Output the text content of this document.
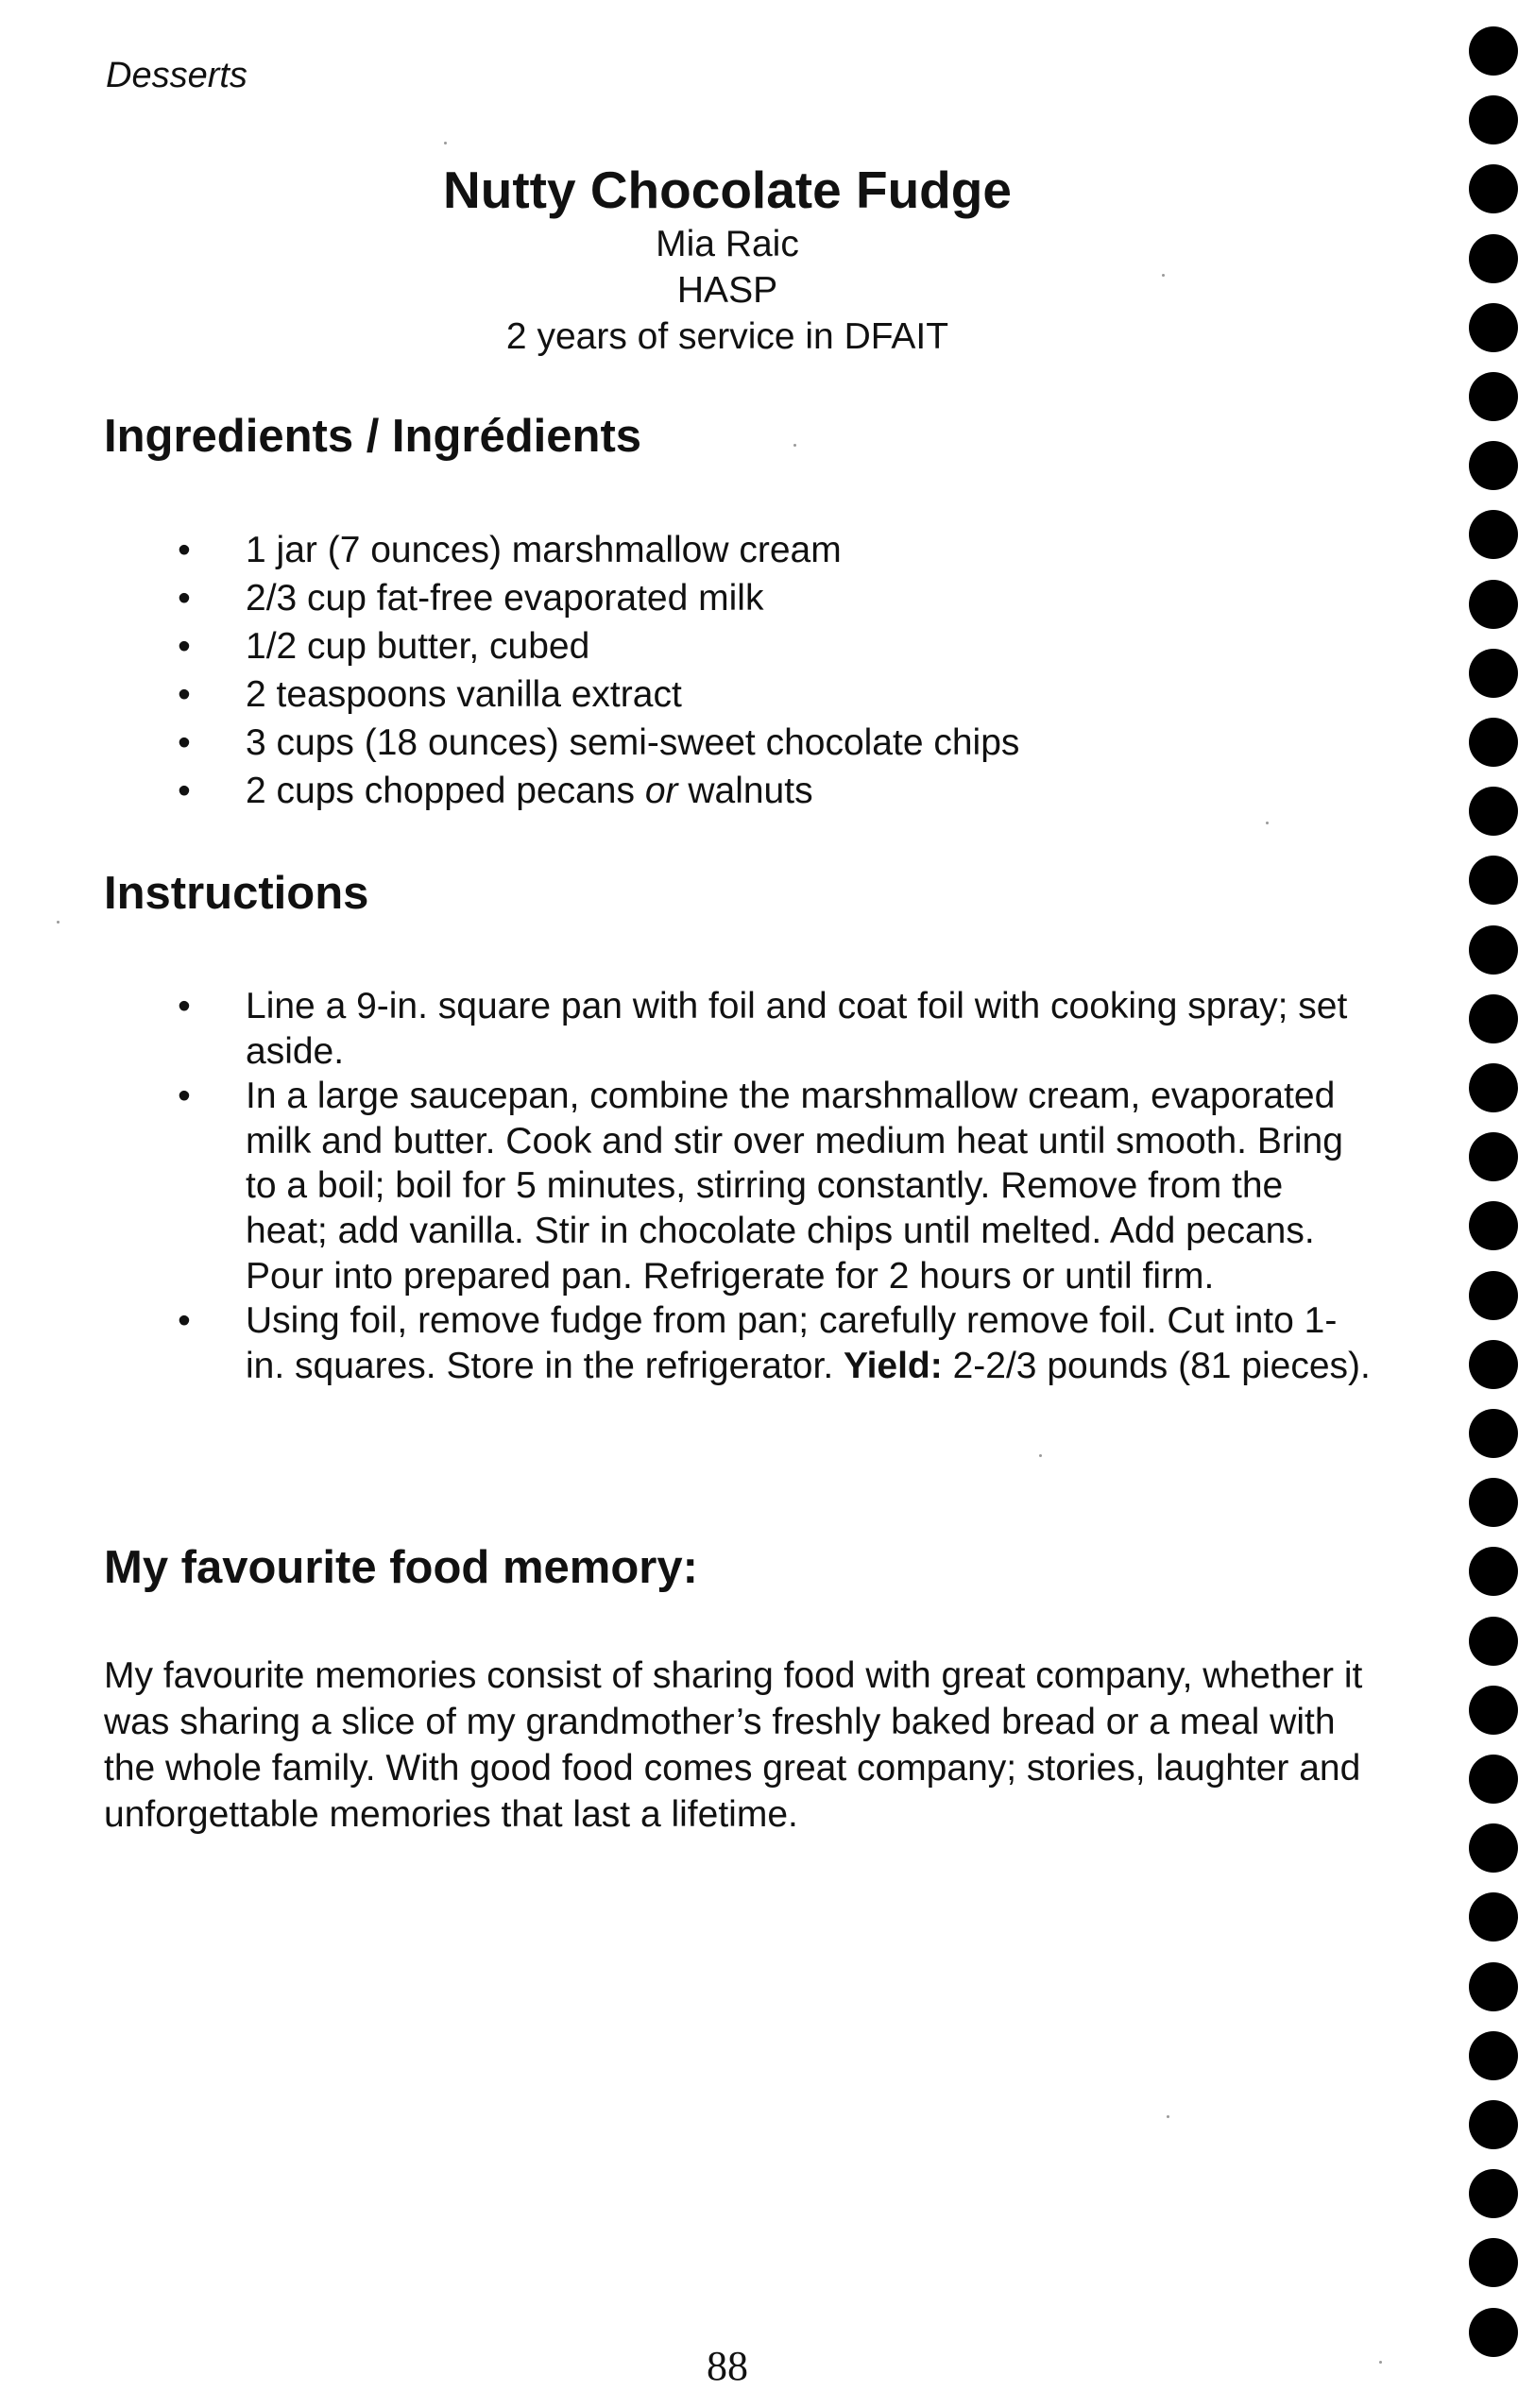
Desserts
Nutty Chocolate Fudge
Mia Raic
HASP
2 years of service in DFAIT
Ingredients / Ingrédients
• 1 jar (7 ounces) marshmallow cream
• 2/3 cup fat-free evaporated milk
• 1/2 cup butter, cubed
• 2 teaspoons vanilla extract
• 3 cups (18 ounces) semi-sweet chocolate chips
• 2 cups chopped pecans or walnuts
Instructions
• Line a 9-in. square pan with foil and coat foil with cooking spray; set aside.
• In a large saucepan, combine the marshmallow cream, evaporated milk and butter. Cook and stir over medium heat until smooth. Bring to a boil; boil for 5 minutes, stirring constantly. Remove from the heat; add vanilla. Stir in chocolate chips until melted. Add pecans. Pour into prepared pan. Refrigerate for 2 hours or until firm.
• Using foil, remove fudge from pan; carefully remove foil. Cut into 1-in. squares. Store in the refrigerator. Yield: 2-2/3 pounds (81 pieces).
My favourite food memory:

My favourite memories consist of sharing food with great company, whether it was sharing a slice of my grandmother’s freshly baked bread or a meal with the whole family. With good food comes great company; stories, laughter and unforgettable memories that last a lifetime.

88
